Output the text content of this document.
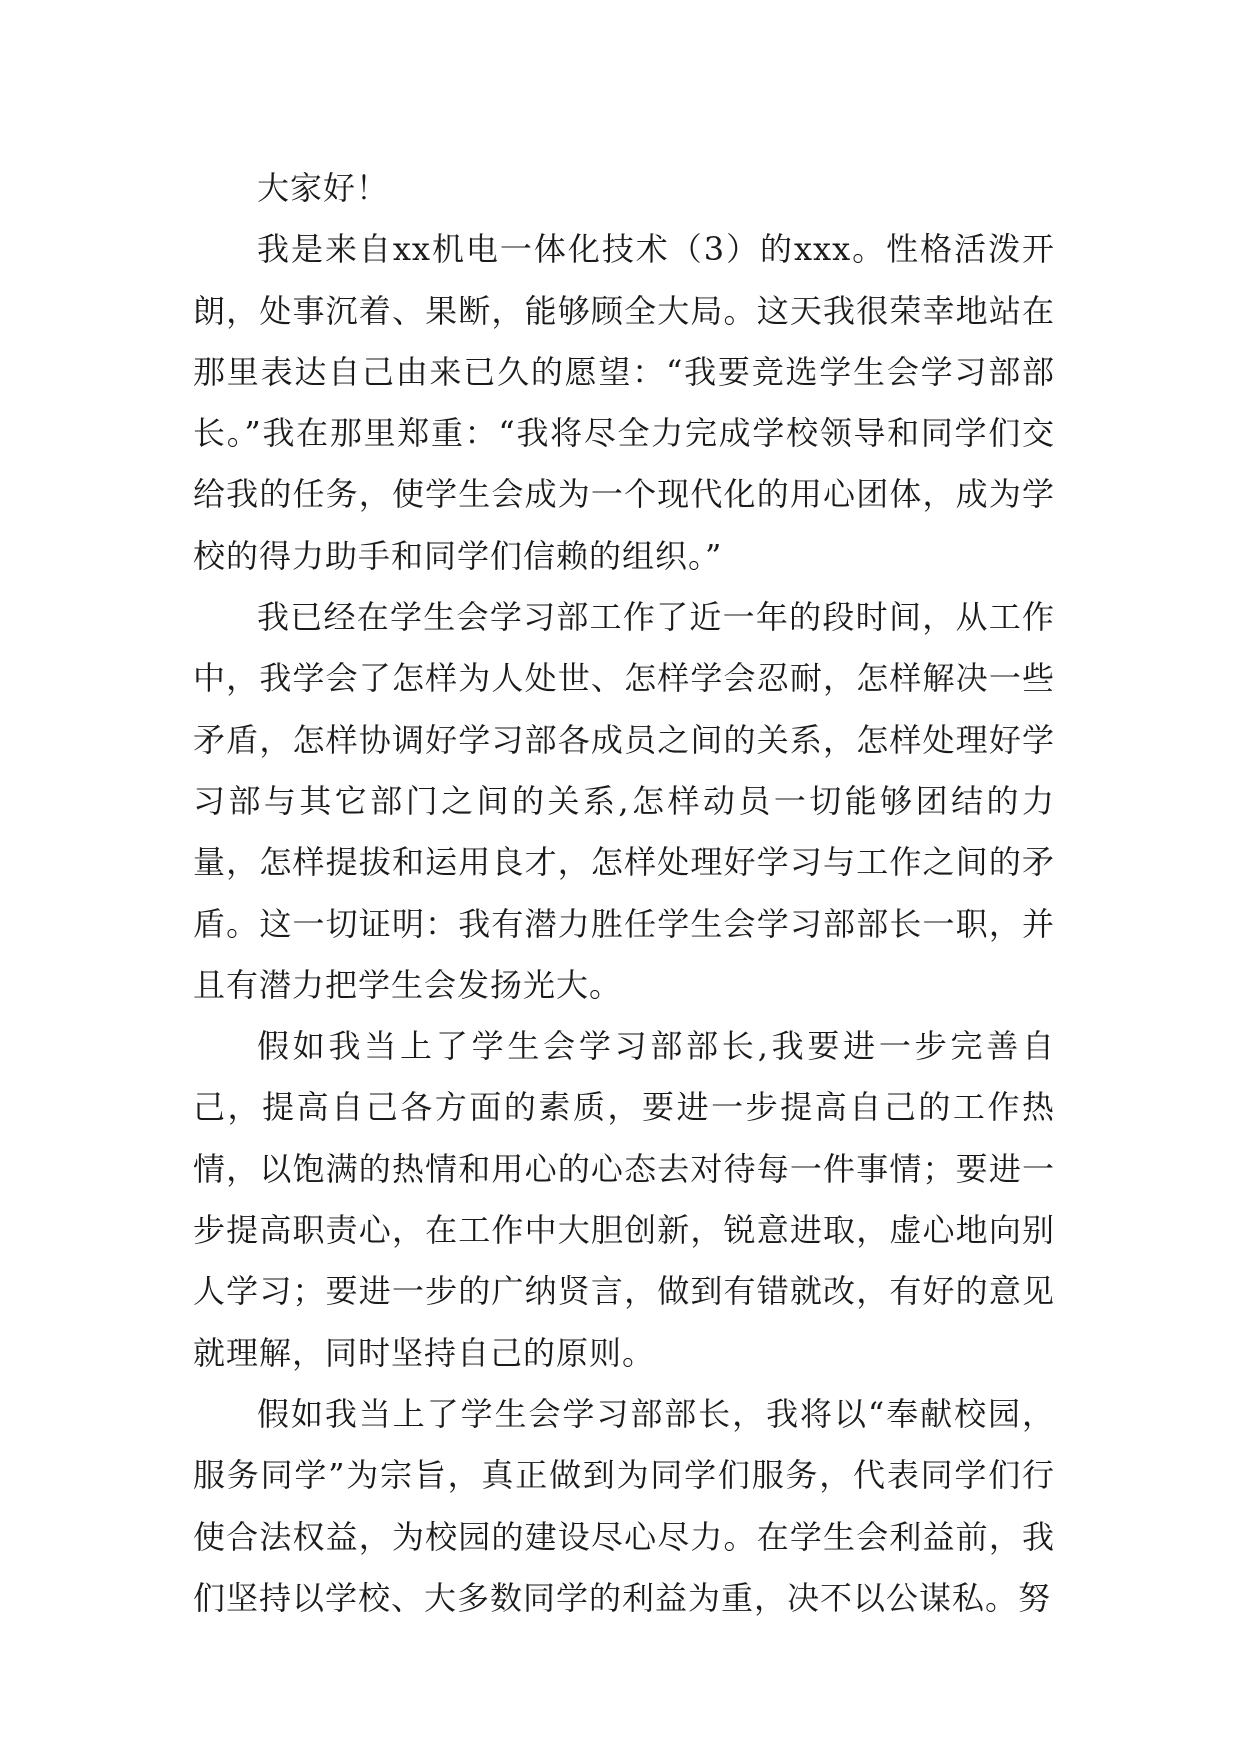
大家好！

我是来自xx机电一体化技术（3）的xxx。性格活泼开朗，处事沉着、果断，能够顾全大局。这天我很荣幸地站在那里表达自己由来已久的愿望：“我要竞选学生会学习部部长。”我在那里郑重：“我将尽全力完成学校领导和同学们交给我的任务，使学生会成为一个现代化的用心团体，成为学校的得力助手和同学们信赖的组织。”

我已经在学生会学习部工作了近一年的段时间，从工作中，我学会了怎样为人处世、怎样学会忍耐，怎样解决一些矛盾，怎样协调好学习部各成员之间的关系，怎样处理好学习部与其它部门之间的关系,怎样动员一切能够团结的力量，怎样提拔和运用良才，怎样处理好学习与工作之间的矛盾。这一切证明：我有潜力胜任学生会学习部部长一职，并且有潜力把学生会发扬光大。

假如我当上了学生会学习部部长,我要进一步完善自己，提高自己各方面的素质，要进一步提高自己的工作热情，以饱满的热情和用心的心态去对待每一件事情；要进一步提高职责心，在工作中大胆创新，锐意进取，虚心地向别人学习；要进一步的广纳贤言，做到有错就改，有好的意见就理解，同时坚持自己的原则。

假如我当上了学生会学习部部长，我将以“奉献校园，服务同学”为宗旨，真正做到为同学们服务，代表同学们行使合法权益，为校园的建设尽心尽力。在学生会利益前，我们坚持以学校、大多数同学的利益为重，决不以公谋私。努
